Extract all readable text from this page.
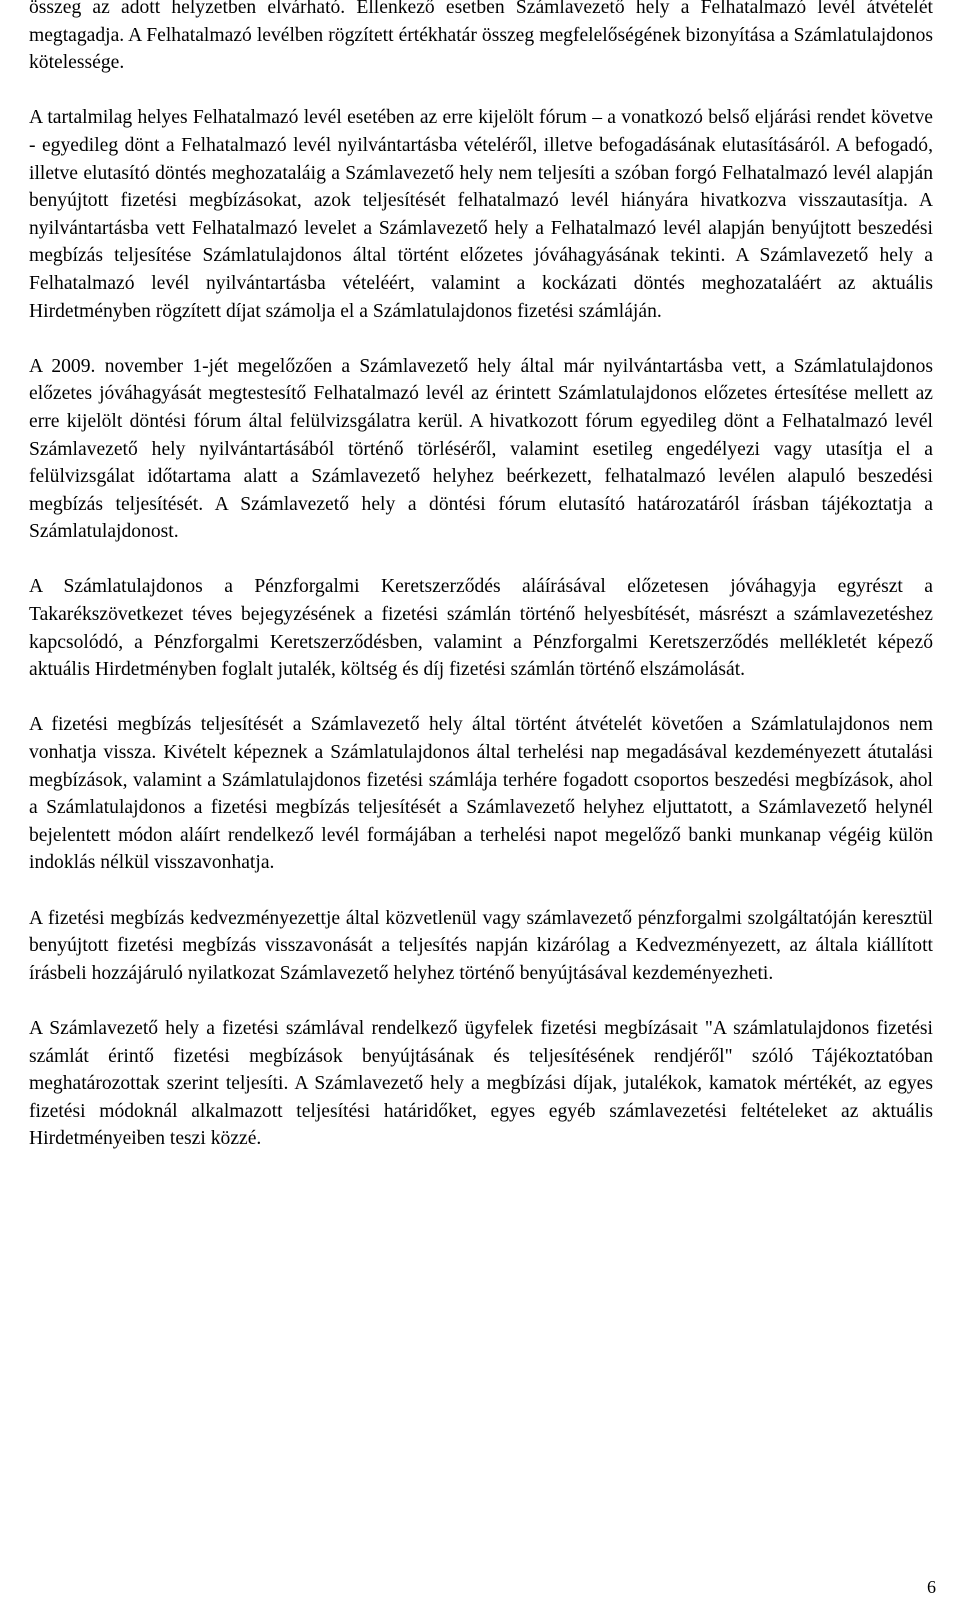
összeg az adott helyzetben elvárható. Ellenkező esetben Számlavezető hely a Felhatalmazó levél átvételét megtagadja. A Felhatalmazó levélben rögzített értékhatár összeg megfelelőségének bizonyítása a Számlatulajdonos kötelessége.

A tartalmilag helyes Felhatalmazó levél esetében az erre kijelölt fórum – a vonatkozó belső eljárási rendet követve - egyedileg dönt a Felhatalmazó levél nyilvántartásba vételéről, illetve befogadásának elutasításáról. A befogadó, illetve elutasító döntés meghozataláig a Számlavezető hely nem teljesíti a szóban forgó Felhatalmazó levél alapján benyújtott fizetési megbízásokat, azok teljesítését felhatalmazó levél hiányára hivatkozva visszautasítja. A nyilvántartásba vett Felhatalmazó levelet a Számlavezető hely a Felhatalmazó levél alapján benyújtott beszedési megbízás teljesítése Számlatulajdonos által történt előzetes jóváhagyásának tekinti. A Számlavezető hely a Felhatalmazó levél nyilvántartásba vételéért, valamint a kockázati döntés meghozataláért az aktuális Hirdetményben rögzített díjat számolja el a Számlatulajdonos fizetési számláján.

A 2009. november 1-jét megelőzően a Számlavezető hely által már nyilvántartásba vett, a Számlatulajdonos előzetes jóváhagyását megtestesítő Felhatalmazó levél az érintett Számlatulajdonos előzetes értesítése mellett az erre kijelölt döntési fórum által felülvizsgálatra kerül. A hivatkozott fórum egyedileg dönt a Felhatalmazó levél Számlavezető hely nyilvántartásából történő törléséről, valamint esetileg engedélyezi vagy utasítja el a felülvizsgálat időtartama alatt a Számlavezető helyhez beérkezett, felhatalmazó levélen alapuló beszedési megbízás teljesítését. A Számlavezető hely a döntési fórum elutasító határozatáról írásban tájékoztatja a Számlatulajdonost.

A Számlatulajdonos a Pénzforgalmi Keretszerződés aláírásával előzetesen jóváhagyja egyrészt a Takarékszövetkezet téves bejegyzésének a fizetési számlán történő helyesbítését, másrészt a számlavezetéshez kapcsolódó, a Pénzforgalmi Keretszerződésben, valamint a Pénzforgalmi Keretszerződés mellékletét képező aktuális Hirdetményben foglalt jutalék, költség és díj fizetési számlán történő elszámolását.

A fizetési megbízás teljesítését a Számlavezető hely által történt átvételét követően a Számlatulajdonos nem vonhatja vissza. Kivételt képeznek a Számlatulajdonos által terhelési nap megadásával kezdeményezett átutalási megbízások, valamint a Számlatulajdonos fizetési számlája terhére fogadott csoportos beszedési megbízások, ahol a Számlatulajdonos a fizetési megbízás teljesítését a Számlavezető helyhez eljuttatott, a Számlavezető helynél bejelentett módon aláírt rendelkező levél formájában a terhelési napot megelőző banki munkanap végéig külön indoklás nélkül visszavonhatja.

A fizetési megbízás kedvezményezettje által közvetlenül vagy számlavezető pénzforgalmi szolgáltatóján keresztül benyújtott fizetési megbízás visszavonását a teljesítés napján kizárólag a Kedvezményezett, az általa kiállított írásbeli hozzájáruló nyilatkozat Számlavezető helyhez történő benyújtásával kezdeményezheti.

A Számlavezető hely a fizetési számlával rendelkező ügyfelek fizetési megbízásait "A számlatulajdonos fizetési számlát érintő fizetési megbízások benyújtásának és teljesítésének rendjéről" szóló Tájékoztatóban meghatározottak szerint teljesíti. A Számlavezető hely a megbízási díjak, jutalékok, kamatok mértékét, az egyes fizetési módoknál alkalmazott teljesítési határidőket, egyes egyéb számlavezetési feltételeket az aktuális Hirdetményeiben teszi közzé.

6
